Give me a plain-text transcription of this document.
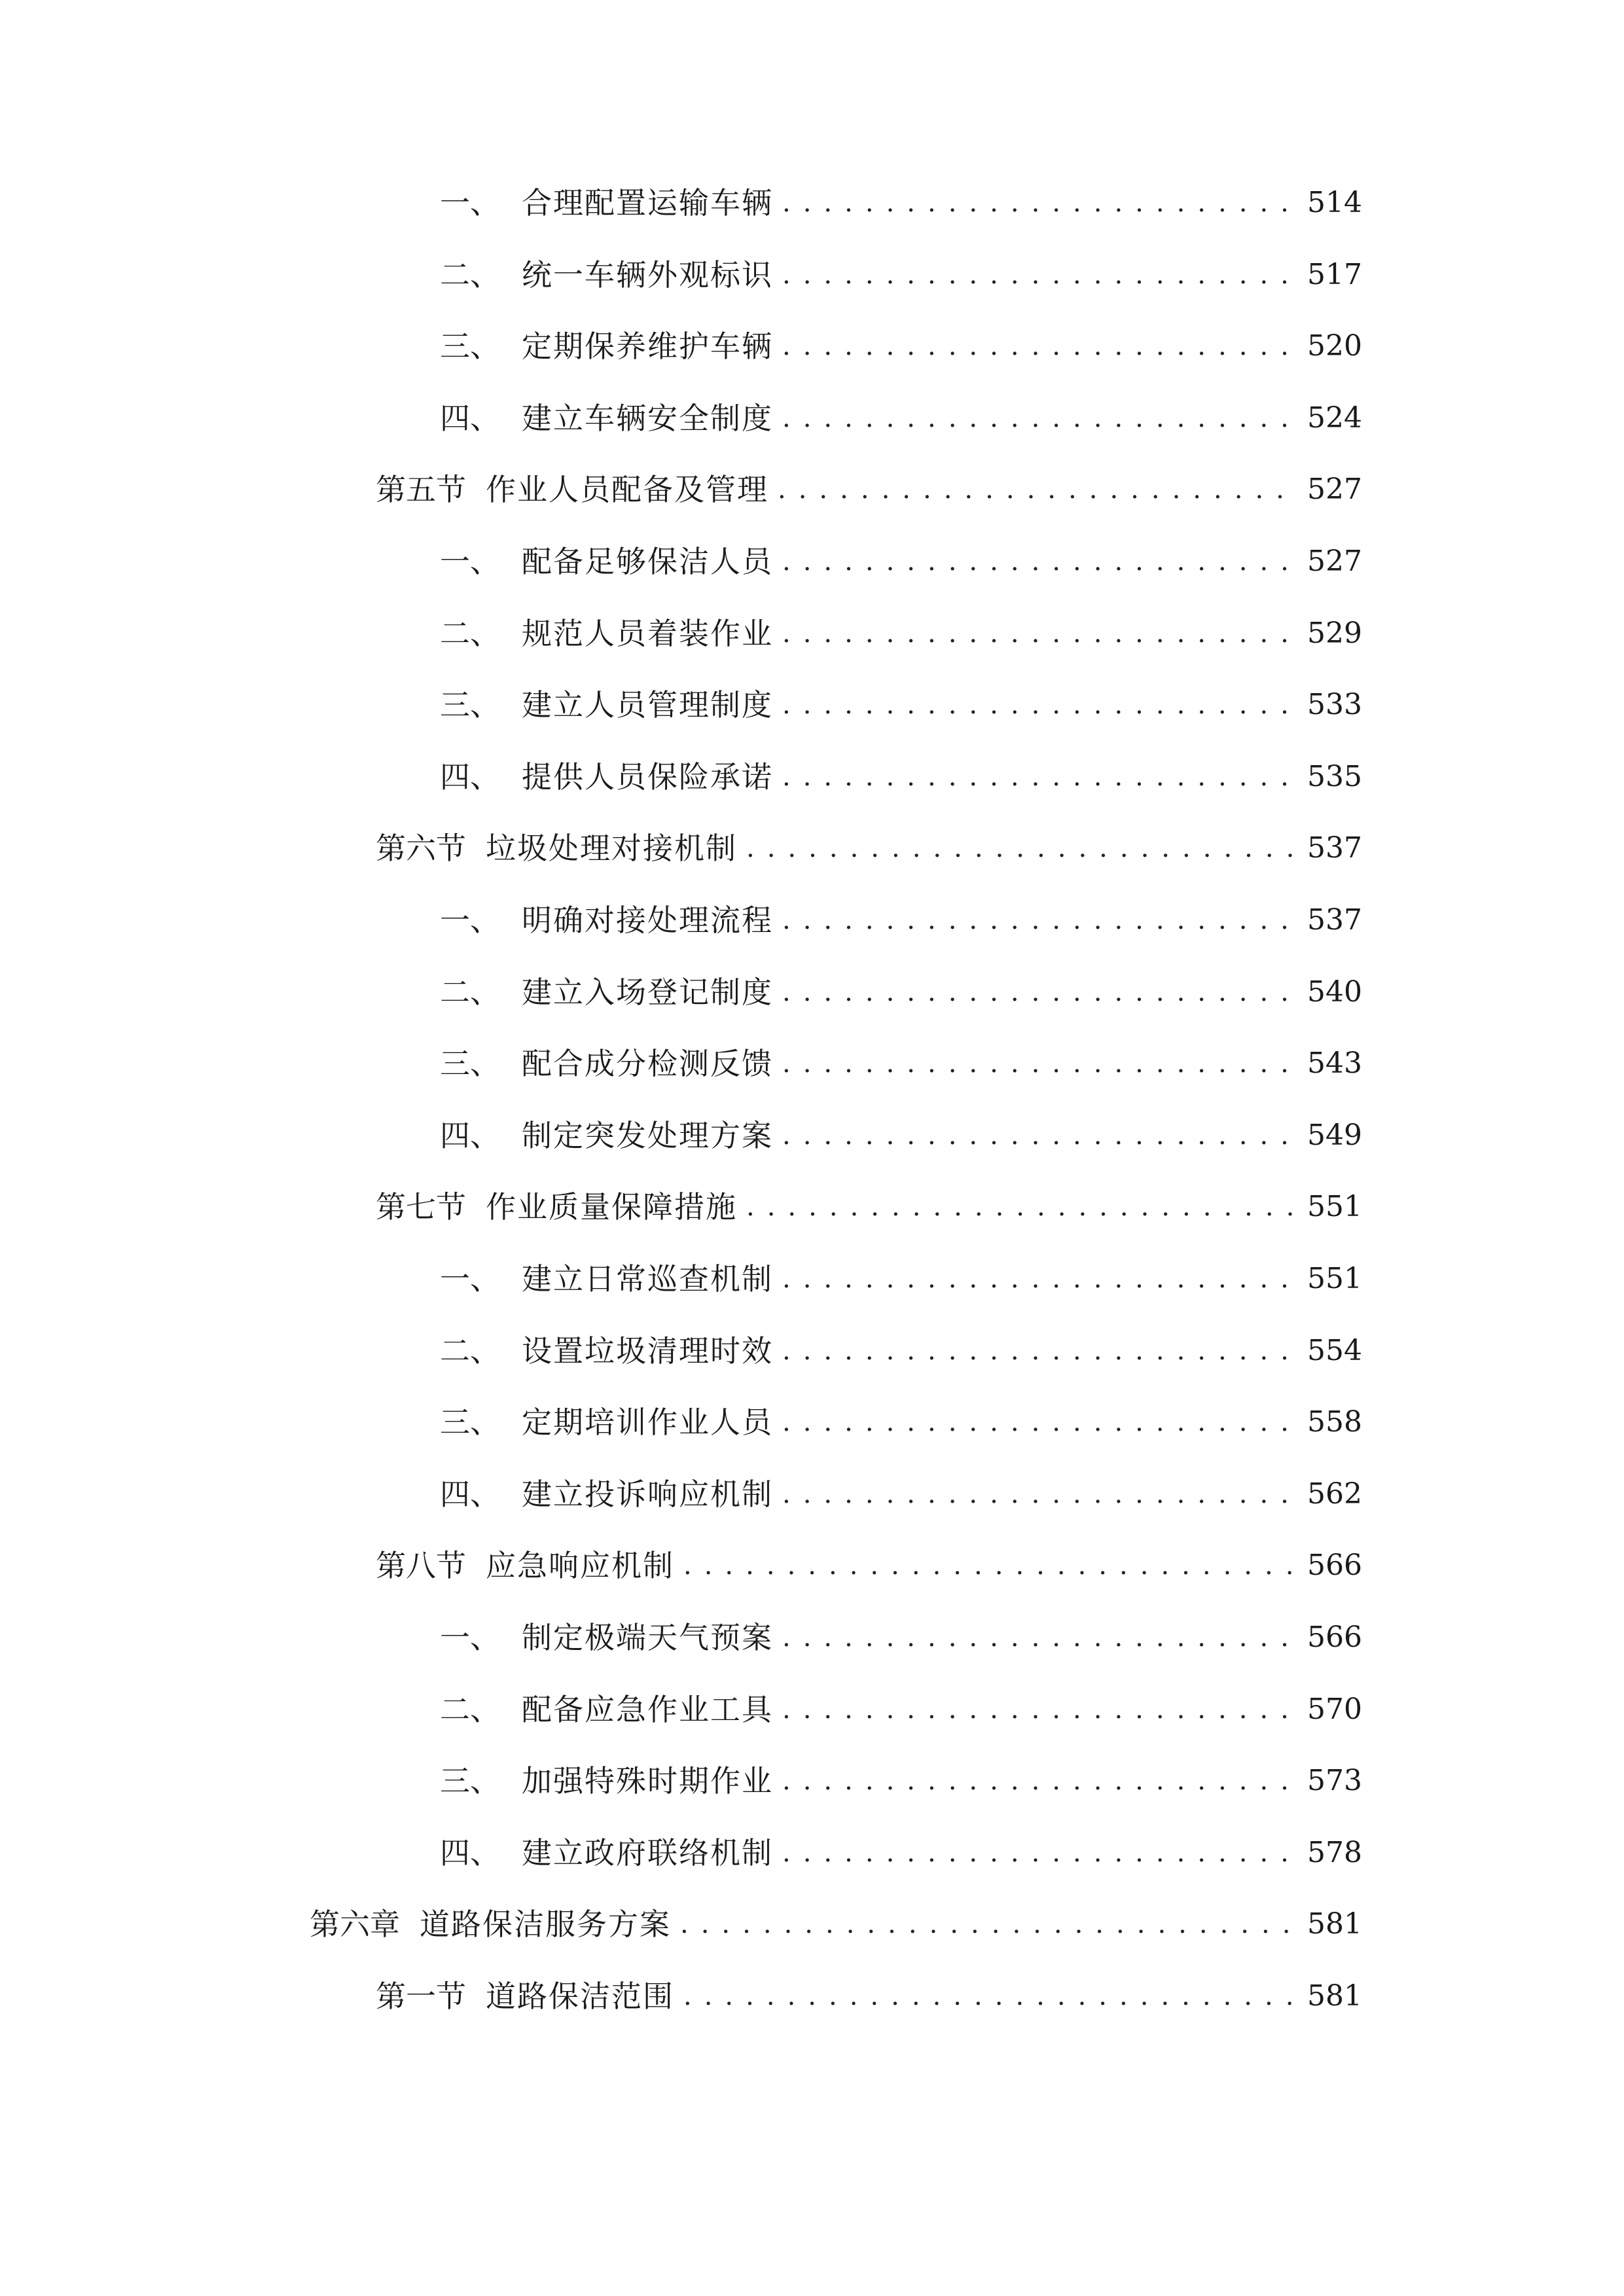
一、 合理配置运输车辆 .....	514
二、 统一车辆外观标识 .....	517
三、 定期保养维护车辆 .....	520
四、 建立车辆安全制度 .....	524
第五节 作业人员配备及管理 .....	527
一、 配备足够保洁人员 .....	527
二、 规范人员着装作业 .....	529
三、 建立人员管理制度 .....	533
四、 提供人员保险承诺 .....	535
第六节 垃圾处理对接机制 .....	537
一、 明确对接处理流程 .....	537
二、 建立入场登记制度 .....	540
三、 配合成分检测反馈 .....	543
四、 制定突发处理方案 .....	549
第七节 作业质量保障措施 .....	551
一、 建立日常巡查机制 .....	551
二、 设置垃圾清理时效 .....	554
三、 定期培训作业人员 .....	558
四、 建立投诉响应机制 .....	562
第八节 应急响应机制 .....	566
一、 制定极端天气预案 .....	566
二、 配备应急作业工具 .....	570
三、 加强特殊时期作业 .....	573
四、 建立政府联络机制 .....	578
第六章 道路保洁服务方案 .....	581
第一节 道路保洁范围 .....	581
